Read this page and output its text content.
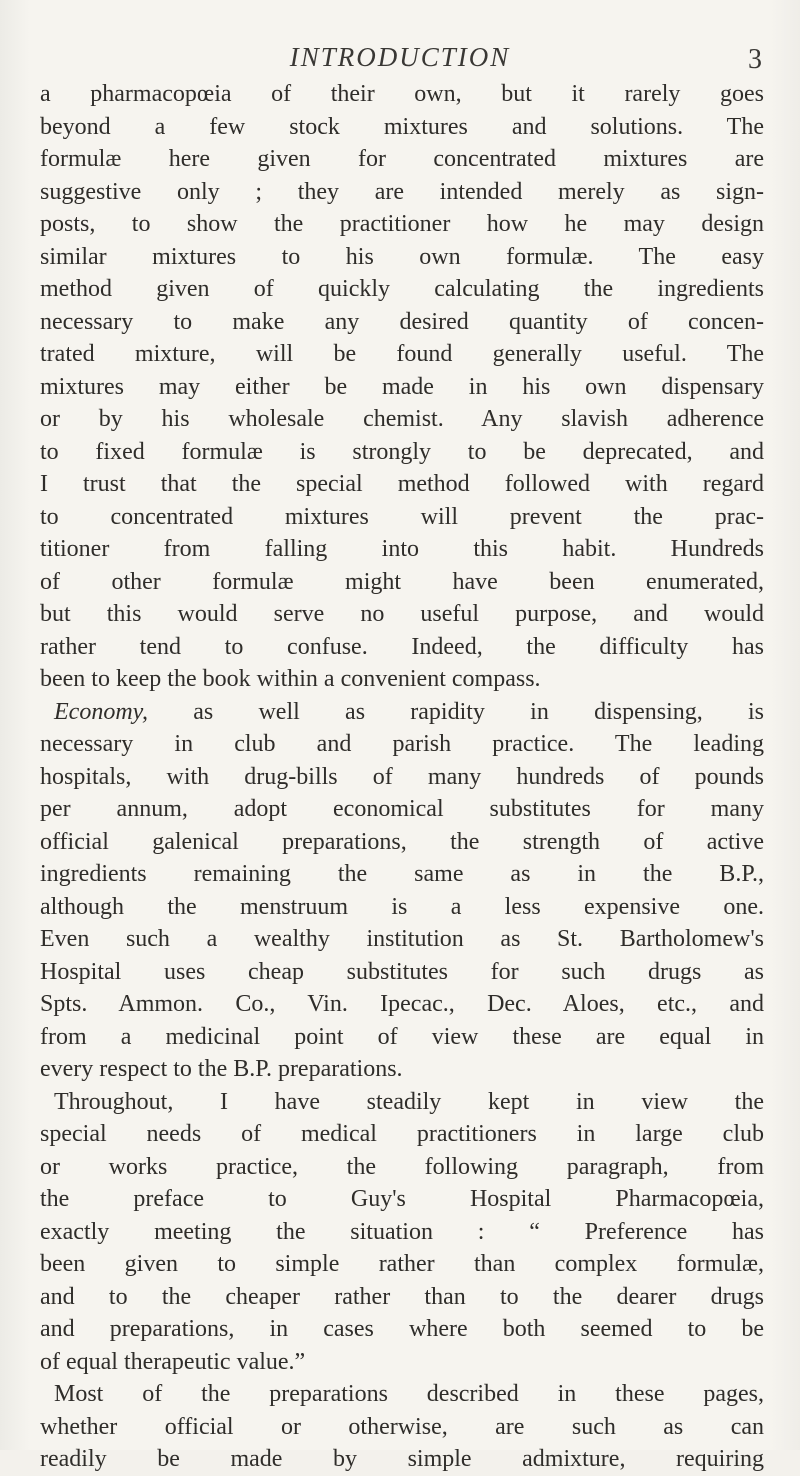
INTRODUCTION	3
a pharmacopœia of their own, but it rarely goes
beyond a few stock mixtures and solutions. The
formulæ here given for concentrated mixtures are
suggestive only ; they are intended merely as sign-
posts, to show the practitioner how he may design
similar mixtures to his own formulæ. The easy
method given of quickly calculating the ingredients
necessary to make any desired quantity of concen-
trated mixture, will be found generally useful. The
mixtures may either be made in his own dispensary
or by his wholesale chemist. Any slavish adherence
to fixed formulæ is strongly to be deprecated, and
I trust that the special method followed with regard
to concentrated mixtures will prevent the prac-
titioner from falling into this habit. Hundreds
of other formulæ might have been enumerated,
but this would serve no useful purpose, and would
rather tend to confuse. Indeed, the difficulty has
been to keep the book within a convenient compass.
Economy, as well as rapidity in dispensing, is
necessary in club and parish practice. The leading
hospitals, with drug-bills of many hundreds of pounds
per annum, adopt economical substitutes for many
official galenical preparations, the strength of active
ingredients remaining the same as in the B.P.,
although the menstruum is a less expensive one.
Even such a wealthy institution as St. Bartholomew's
Hospital uses cheap substitutes for such drugs as
Spts. Ammon. Co., Vin. Ipecac., Dec. Aloes, etc., and
from a medicinal point of view these are equal in
every respect to the B.P. preparations.
Throughout, I have steadily kept in view the
special needs of medical practitioners in large club
or works practice, the following paragraph, from
the preface to Guy's Hospital Pharmacopœia,
exactly meeting the situation : “ Preference has
been given to simple rather than complex formulæ,
and to the cheaper rather than to the dearer drugs
and preparations, in cases where both seemed to be
of equal therapeutic value.”
Most of the preparations described in these pages,
whether official or otherwise, are such as can
readily be made by simple admixture, requiring
